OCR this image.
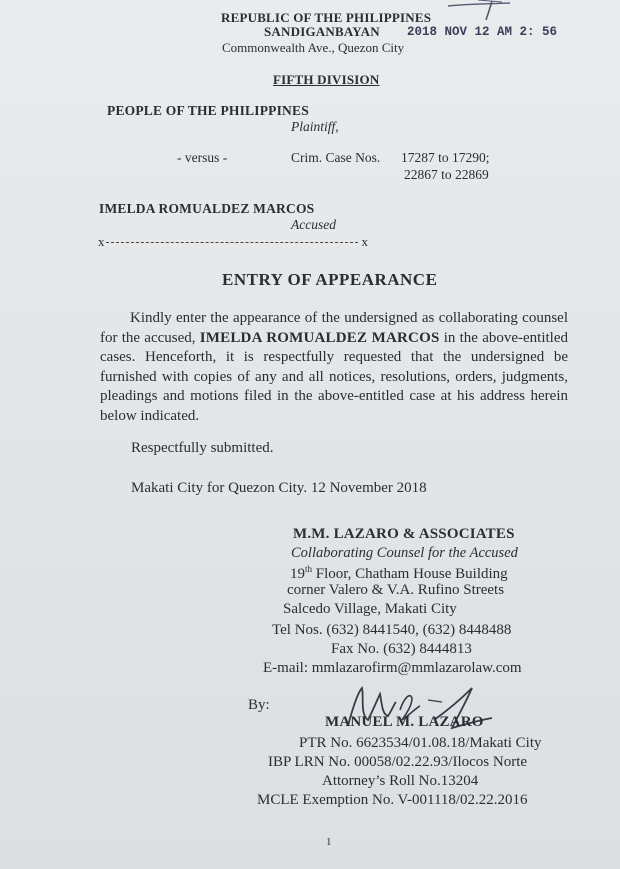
REPUBLIC OF THE PHILIPPINES
SANDIGANBAYAN 2018 NOV 12 AM 2: 56
Commonwealth Ave., Quezon City
FIFTH DIVISION
PEOPLE OF THE PHILIPPINES
Plaintiff,
- versus -	Crim. Case Nos. 17287 to 17290;
22867 to 22869
IMELDA ROMUALDEZ MARCOS
Accused
x	x
ENTRY OF APPEARANCE
Kindly enter the appearance of the undersigned as collaborating counsel for the accused, IMELDA ROMUALDEZ MARCOS in the above-entitled cases. Henceforth, it is respectfully requested that the undersigned be furnished with copies of any and all notices, resolutions, orders, judgments, pleadings and motions filed in the above-entitled case at his address herein below indicated.
Respectfully submitted.
Makati City for Quezon City. 12 November 2018
M.M. LAZARO & ASSOCIATES
Collaborating Counsel for the Accused
19th Floor, Chatham House Building
corner Valero & V.A. Rufino Streets
Salcedo Village, Makati City
Tel Nos. (632) 8441540, (632) 8448488
Fax No. (632) 8444813
E-mail: mmlazarofirm@mmlazarolaw.com
By:
MANUEL M. LAZARO
PTR No. 6623534/01.08.18/Makati City
IBP LRN No. 00058/02.22.93/Ilocos Norte
Attorney’s Roll No.13204
MCLE Exemption No. V-001118/02.22.2016
1
